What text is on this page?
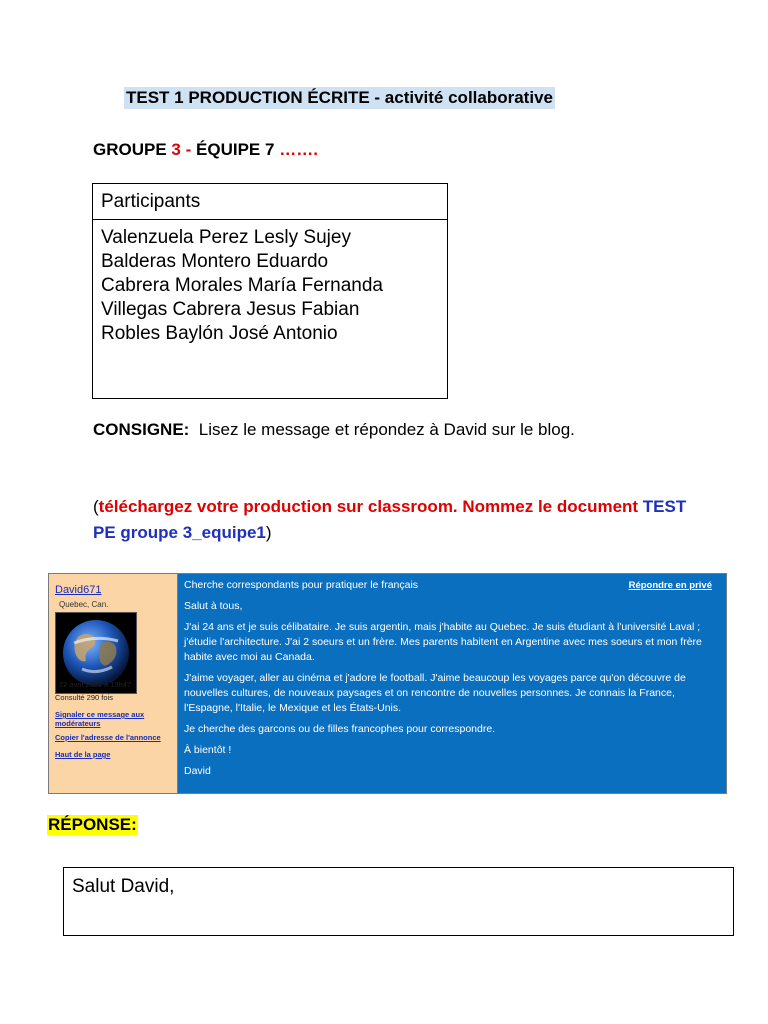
TEST 1 PRODUCTION ÉCRITE - activité collaborative
GROUPE 3 - ÉQUIPE 7 …….
Participants
Valenzuela Perez Lesly Sujey
Balderas Montero Eduardo
Cabrera Morales María Fernanda
Villegas Cabrera Jesus Fabian
Robles Baylón José Antonio
CONSIGNE: Lisez le message et répondez à David sur le blog.
(téléchargez votre production sur classroom. Nommez le document TEST PE groupe 3_equipe1)
David671
Quebec, Can.
22 avril 2021 à 19h47
Consulté 290 fois
Signaler ce message aux modérateurs
Copier l'adresse de l'annonce
Haut de la page
Cherche correspondants pour pratiquer le français	Répondre en privé

Salut à tous,

J'ai 24 ans et je suis célibataire. Je suis argentin, mais j'habite au Quebec. Je suis étudiant à l'université Laval ; j'étudie l'architecture. J'ai 2 soeurs et un frère. Mes parents habitent en Argentine avec mes soeurs et mon frère habite avec moi au Canada.

J'aime voyager, aller au cinéma et j'adore le football. J'aime beaucoup les voyages parce qu'on découvre de nouvelles cultures, de nouveaux paysages et on rencontre de nouvelles personnes. Je connais la France, l'Espagne, l'Italie, le Mexique et les États-Unis.

Je cherche des garcons ou de filles francophes pour correspondre.

À bientôt !

David

RÉPONSE:
Salut David,
